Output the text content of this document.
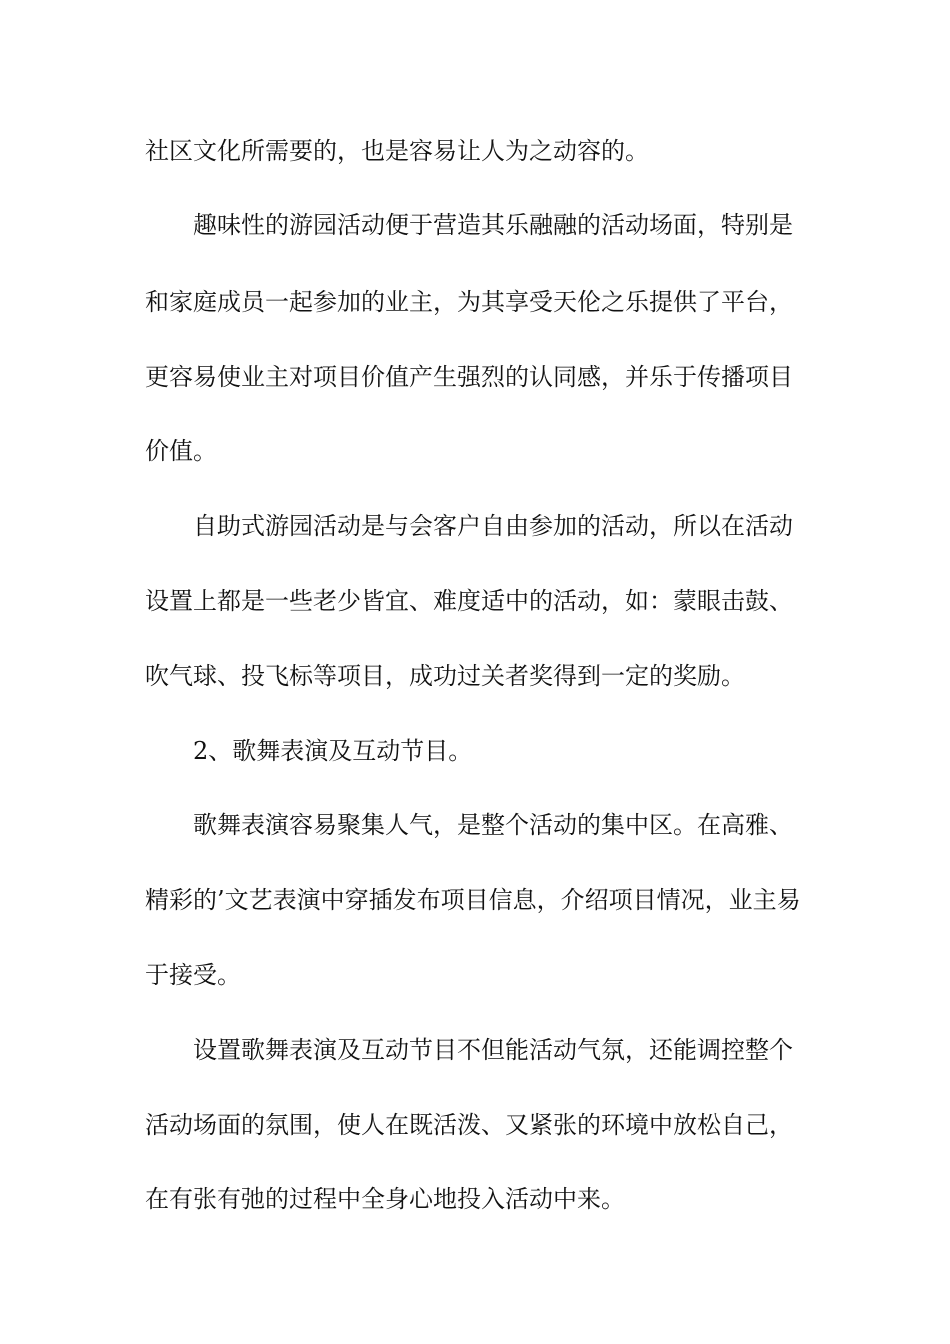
社区文化所需要的，也是容易让人为之动容的。
趣味性的游园活动便于营造其乐融融的活动场面，特别是
和家庭成员一起参加的业主，为其享受天伦之乐提供了平台，
更容易使业主对项目价值产生强烈的认同感，并乐于传播项目
价值。
自助式游园活动是与会客户自由参加的活动，所以在活动
设置上都是一些老少皆宜、难度适中的活动，如：蒙眼击鼓、
吹气球、投飞标等项目，成功过关者奖得到一定的奖励。
2、歌舞表演及互动节目。
歌舞表演容易聚集人气，是整个活动的集中区。在高雅、
精彩的’文艺表演中穿插发布项目信息，介绍项目情况，业主易
于接受。
设置歌舞表演及互动节目不但能活动气氛，还能调控整个
活动场面的氛围，使人在既活泼、又紧张的环境中放松自己，
在有张有弛的过程中全身心地投入活动中来。
